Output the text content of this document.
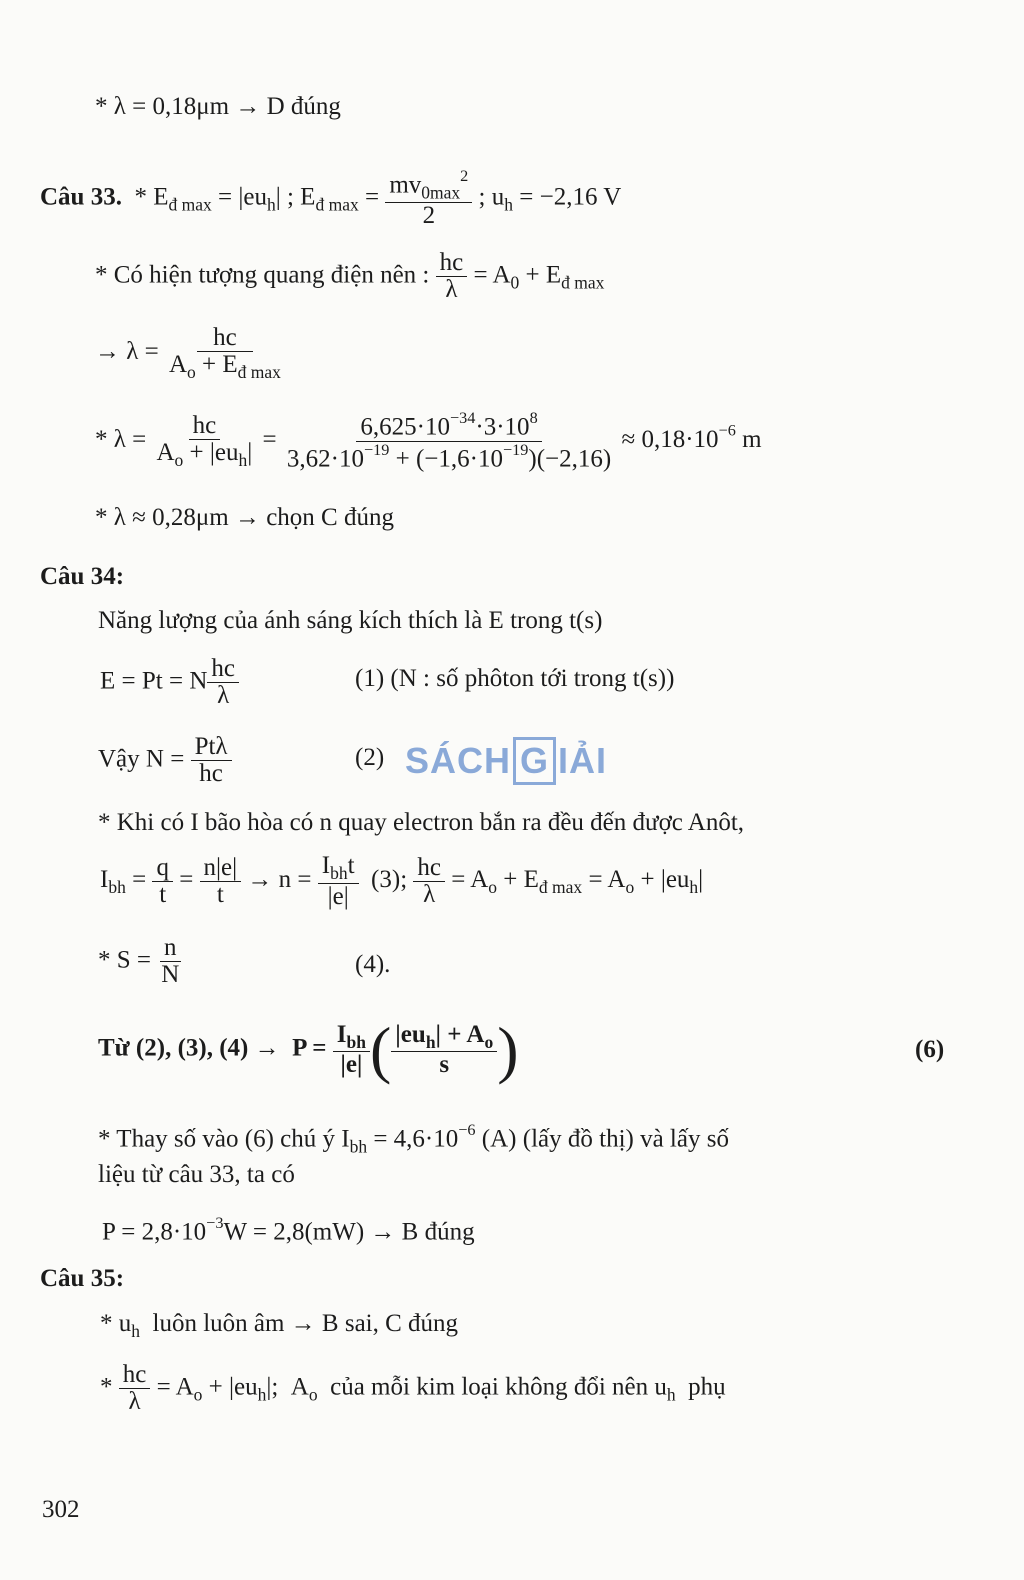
* λ = 0,18μm → D đúng
Câu 33.  * $E_{đ max} = |eu_h|$ ; $E_{đ max} = \frac{mv_{0max}^2}{2}$ ; $u_h = -2,16$ V
* Có hiện tượng quang điện nên : $\frac{hc}{\lambda} = A_0 + E_{đ max}$
→ $\lambda = \frac{hc}{A_o + E_{đ max}}$
* $\lambda = \frac{hc}{A_o + |eu_h|} = \frac{6,625\cdot 10^{-34}\cdot 3\cdot 10^8}{3,62\cdot 10^{-19} + (-1,6\cdot 10^{-19})(-2,16)} \approx 0,18\cdot 10^{-6}$ m
* λ ≈ 0,28μm → chọn C đúng
Câu 34:
Năng lượng của ánh sáng kích thích là E trong t(s)
E = Pt = N $\frac{hc}{\lambda}$	(1) (N : số phôton tới trong t(s))
Vậy $N = \frac{\text{Ptλ}}{hc}$	(2) SÁCH G IẢI
* Khi có I bão hòa có n quay electron bắn ra đều đến được Anôt,
$I_{bh} = \frac{q}{t} = \frac{n|e|}{t} \to n = \frac{I_{bh}t}{|e|} (3)$; $\frac{hc}{\lambda} = A_o + E_{đ max} = A_o + |eu_h|$
* $S = \frac{n}{N}$	(4).
Từ (2), (3), $(4) \to P = \frac{I_{bh}}{|e|}$ ( $\frac{|eu_h| + A_o}{s}$ )	(6)
* Thay số vào (6) chú ý $I_{bh} = 4,6\cdot 10^{-6}$ (A) (lấy đồ thị) và lấy số
liệu từ câu 33, ta có
$P = 2,8\cdot 10^{-3}W = 2,8(mW) \to B$ đúng
Câu 35:
* $u_h$ luôn luôn âm → B sai, C đúng
* $\frac{hc}{\lambda} = A_o + |eu_h|$;  $A_o$ của mỗi kim loại không đổi nên $u_h$ phụ
302
